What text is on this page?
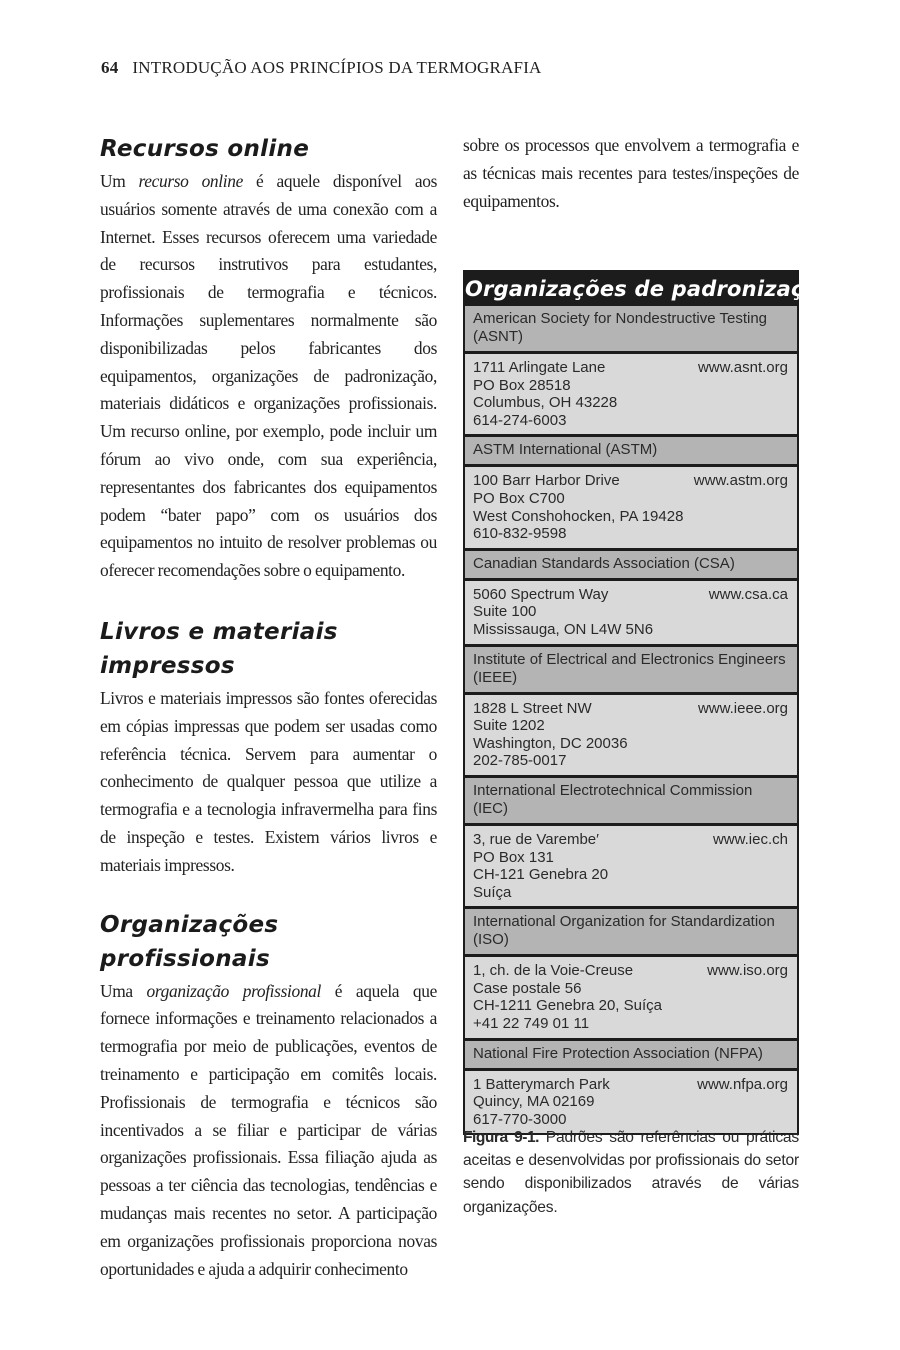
64 INTRODUÇÃO AOS PRINCÍPIOS DA TERMOGRAFIA
Recursos online

Um recurso online é aquele disponível aos usuários somente através de uma conexão com a Internet. Esses recursos oferecem uma variedade de recursos instrutivos para estudantes, profissionais de termografia e técnicos. Informações suplementares normalmente são disponibilizadas pelos fabricantes dos equipamentos, organizações de padronização, materiais didáticos e organizações profissionais. Um recurso online, por exemplo, pode incluir um fórum ao vivo onde, com sua experiência, representantes dos fabricantes dos equipamentos podem “bater papo” com os usuários dos equipamentos no intuito de resolver problemas ou oferecer recomendações sobre o equipamento.

Livros e materiais impressos

Livros e materiais impressos são fontes oferecidas em cópias impressas que podem ser usadas como referência técnica. Servem para aumentar o conhecimento de qualquer pessoa que utilize a termografia e a tecnologia infravermelha para fins de inspeção e testes. Existem vários livros e materiais impressos.

Organizações profissionais

Uma organização profissional é aquela que fornece informações e treinamento relacionados a termografia por meio de publicações, eventos de treinamento e participação em comitês locais. Profissionais de termografia e técnicos são incentivados a se filiar e participar de várias organizações profissionais. Essa filiação ajuda as pessoas a ter ciência das tecnologias, tendências e mudanças mais recentes no setor. A participação em organizações profissionais proporciona novas oportunidades e ajuda a adquirir conhecimento

sobre os processos que envolvem a termografia e as técnicas mais recentes para testes/inspeções de equipamentos.

Organizações de padronização
American Society for Nondestructive Testing (ASNT)
1711 Arlingate Lane
PO Box 28518
Columbus, OH 43228
614-274-6003
www.asnt.org
ASTM International (ASTM)
100 Barr Harbor Drive
PO Box C700
West Conshohocken, PA 19428
610-832-9598
www.astm.org
Canadian Standards Association (CSA)
5060 Spectrum Way
Suite 100
Mississauga, ON L4W 5N6
www.csa.ca
Institute of Electrical and Electronics Engineers (IEEE)
1828 L Street NW
Suite 1202
Washington, DC 20036
202-785-0017
www.ieee.org
International Electrotechnical Commission (IEC)
3, rue de Varembe′
PO Box 131
CH-121 Genebra 20
Suíça
www.iec.ch
International Organization for Standardization (ISO)
1, ch. de la Voie-Creuse
Case postale 56
CH-1211 Genebra 20, Suíça
+41 22 749 01 11
www.iso.org
National Fire Protection Association (NFPA)
1 Batterymarch Park
Quincy, MA 02169
617-770-3000
www.nfpa.org
Figura 9-1. Padrões são referências ou práticas aceitas e desenvolvidas por profissionais do setor sendo disponibilizados através de várias organizações.
